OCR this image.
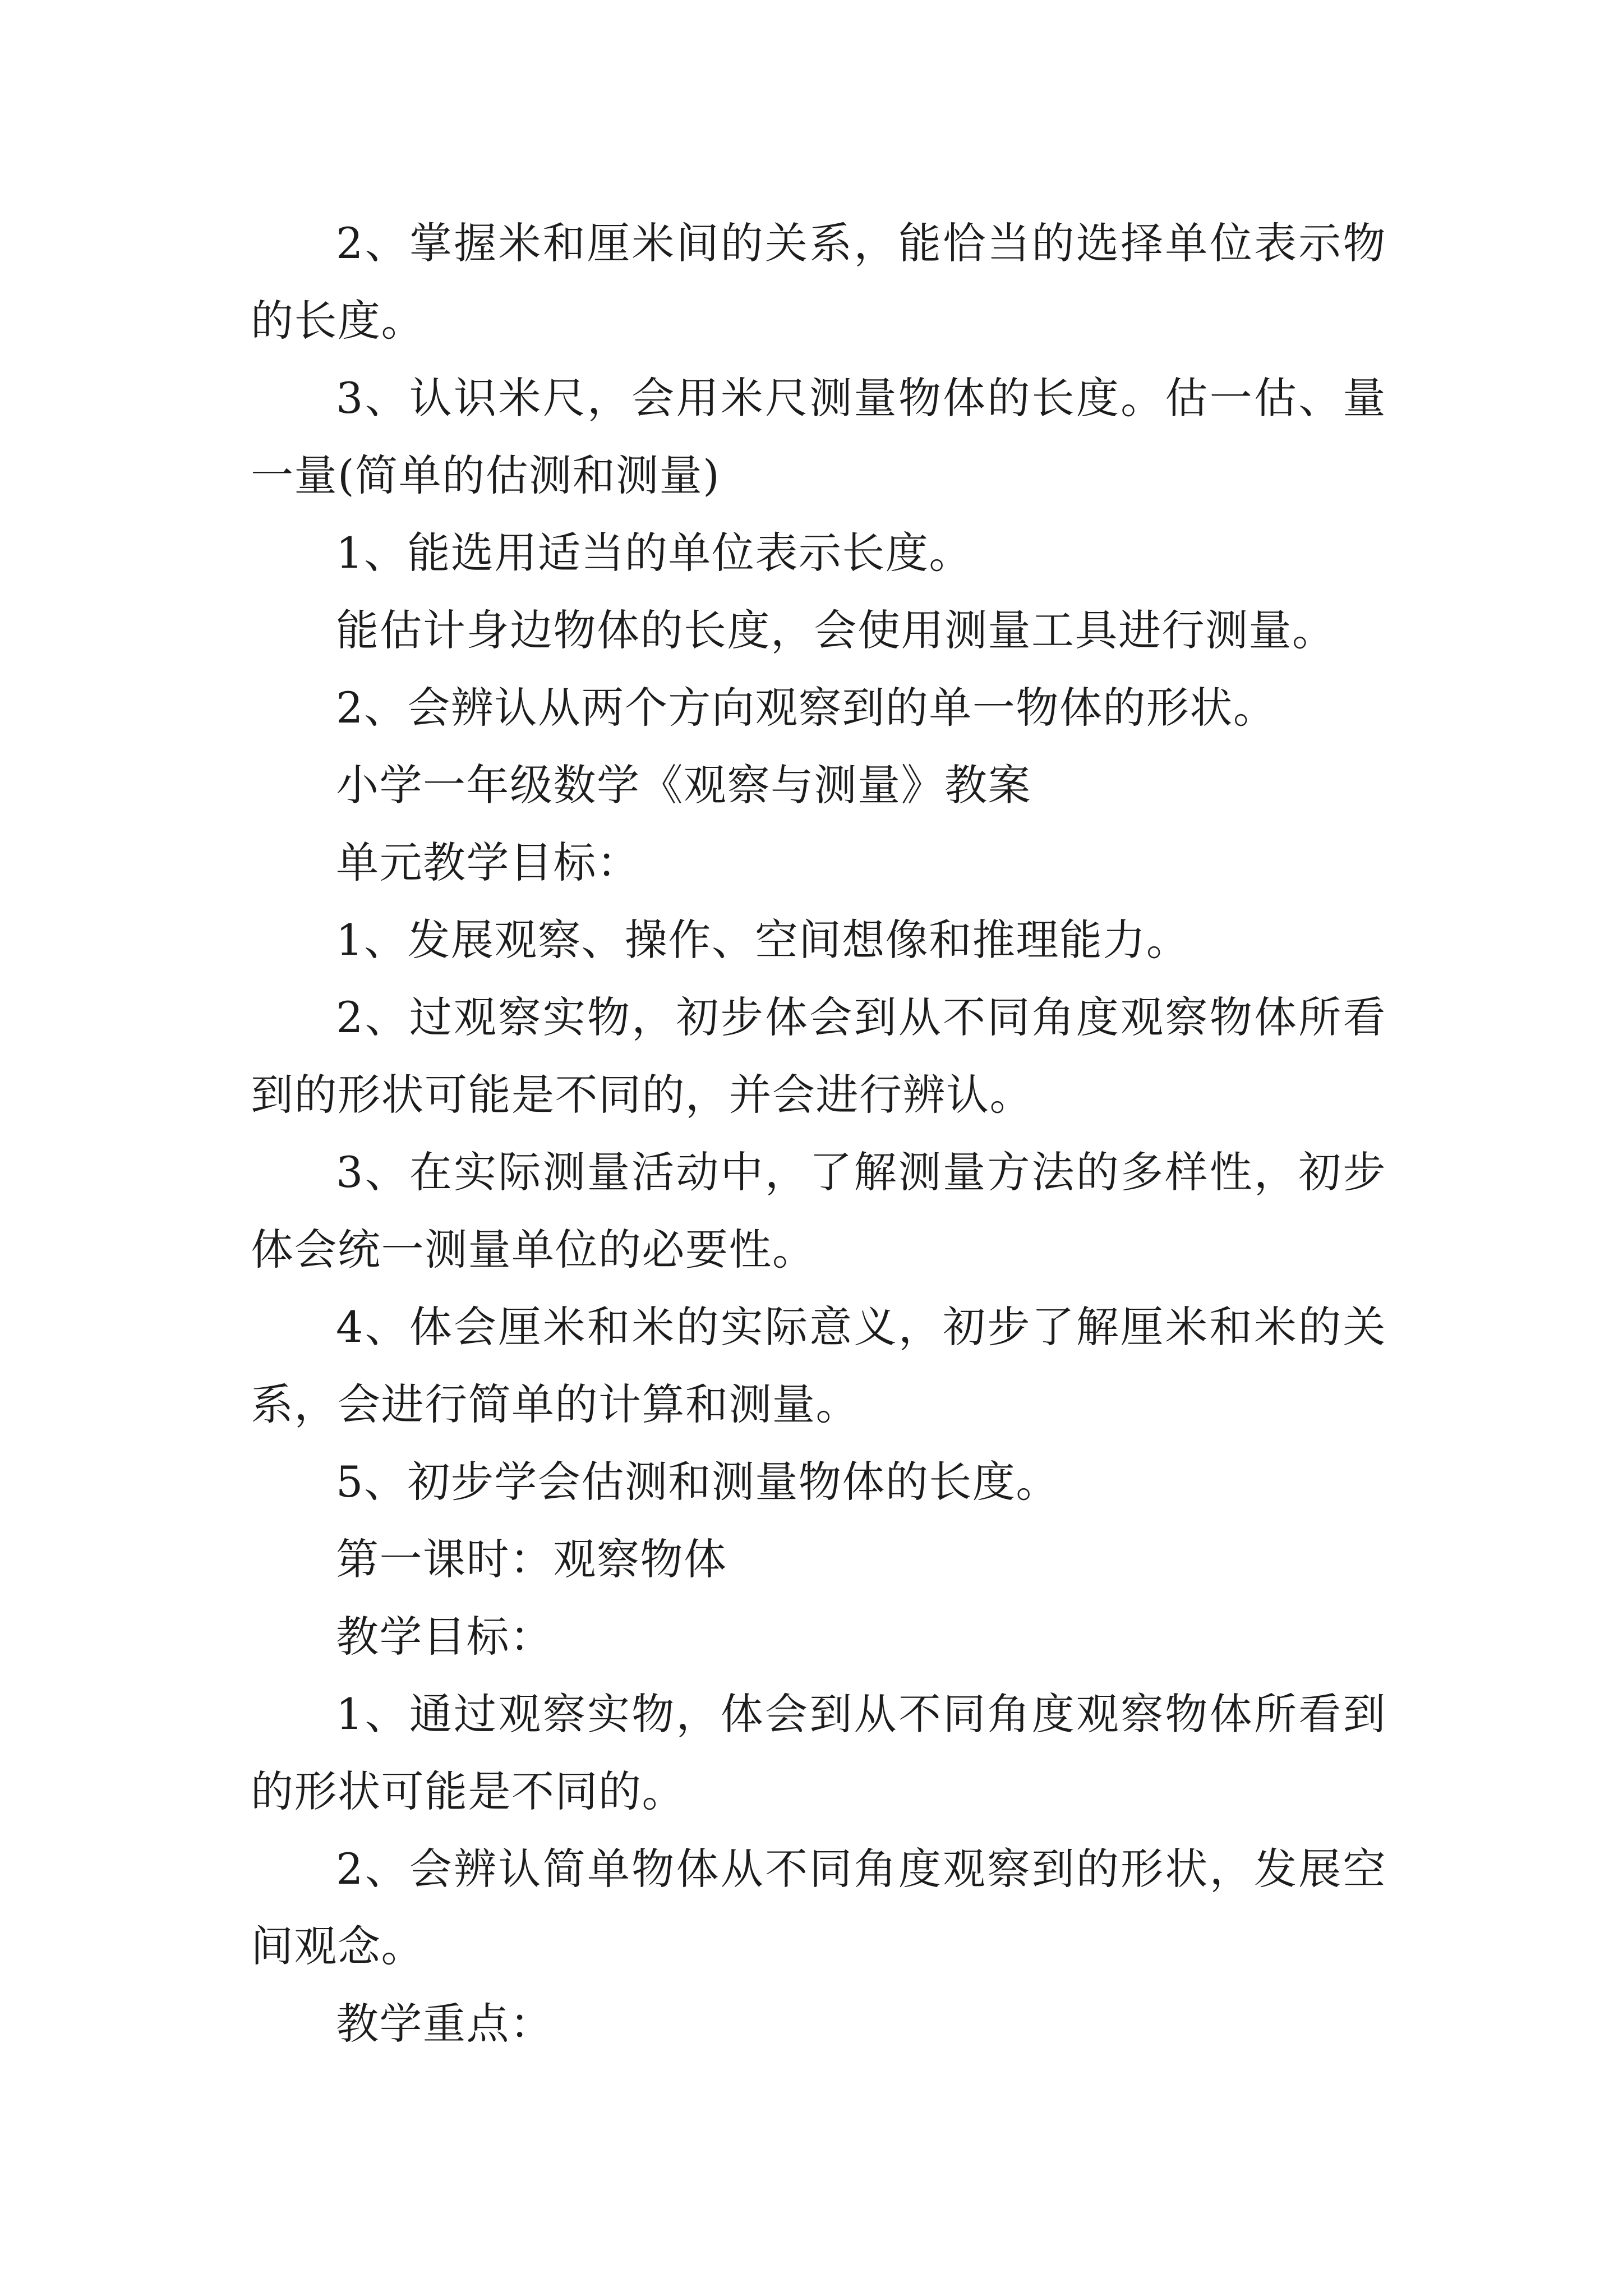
2、掌握米和厘米间的关系，能恰当的选择单位表示物
的长度。
3、认识米尺，会用米尺测量物体的长度。估一估、量
一量(简单的估测和测量)
1、能选用适当的单位表示长度。
能估计身边物体的长度，会使用测量工具进行测量。
2、会辨认从两个方向观察到的单一物体的形状。
小学一年级数学《观察与测量》教案
单元教学目标：
1、发展观察、操作、空间想像和推理能力。
2、过观察实物，初步体会到从不同角度观察物体所看
到的形状可能是不同的，并会进行辨认。
3、在实际测量活动中，了解测量方法的多样性，初步
体会统一测量单位的必要性。
4、体会厘米和米的实际意义，初步了解厘米和米的关
系，会进行简单的计算和测量。
5、初步学会估测和测量物体的长度。
第一课时：观察物体
教学目标：
1、通过观察实物，体会到从不同角度观察物体所看到
的形状可能是不同的。
2、会辨认简单物体从不同角度观察到的形状，发展空
间观念。
教学重点：
